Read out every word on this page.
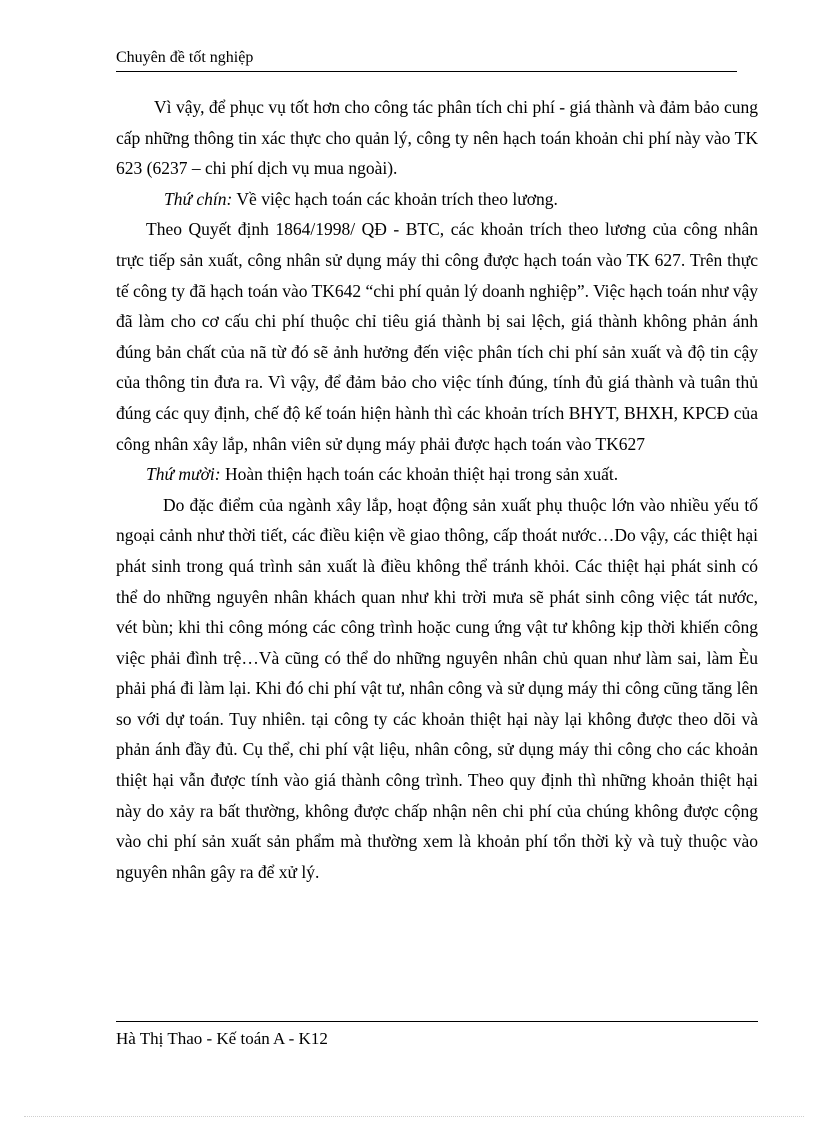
Chuyên đề tốt nghiệp

Vì vậy, để phục vụ tốt hơn cho công tác phân tích chi phí - giá thành và đảm bảo cung cấp những thông tin xác thực cho quản lý, công ty nên hạch toán khoản chi phí này vào TK 623 (6237 – chi phí dịch vụ mua ngoài).

Thứ chín: Về việc hạch toán các khoản trích theo lương.

Theo Quyết định 1864/1998/ QĐ - BTC, các khoản trích theo lương của công nhân trực tiếp sản xuất, công nhân sử dụng máy thi công được hạch toán vào TK 627. Trên thực tế công ty đã hạch toán vào TK642 “chi phí quản lý doanh nghiệp”. Việc hạch toán như vậy đã làm cho cơ cấu chi phí thuộc chỉ tiêu giá thành bị sai lệch, giá thành không phản ánh đúng bản chất của nã từ đó sẽ ảnh hưởng đến việc phân tích chi phí sản xuất và độ tin cậy của thông tin đưa ra. Vì vậy, để đảm bảo cho việc tính đúng, tính đủ giá thành và tuân thủ đúng các quy định, chế độ kế toán hiện hành thì các khoản trích BHYT, BHXH, KPCĐ của công nhân xây lắp, nhân viên sử dụng máy phải được hạch toán vào TK627

Thứ mười: Hoàn thiện hạch toán các khoản thiệt hại trong sản xuất.

Do đặc điểm của ngành xây lắp, hoạt động sản xuất phụ thuộc lớn vào nhiều yếu tố ngoại cảnh như thời tiết, các điều kiện về giao thông, cấp thoát nước…Do vậy, các thiệt hại phát sinh trong quá trình sản xuất là điều không thể tránh khỏi. Các thiệt hại phát sinh có thể do những nguyên nhân khách quan như khi trời mưa sẽ phát sinh công việc tát nước, vét bùn; khi thi công móng các công trình hoặc cung ứng vật tư không kịp thời khiến công việc phải đình trệ…Và cũng có thể do những nguyên nhân chủ quan như làm sai, làm Èu phải phá đi làm lại. Khi đó chi phí vật tư, nhân công và sử dụng máy thi công cũng tăng lên so với dự toán. Tuy nhiên. tại công ty các khoản thiệt hại này lại không được theo dõi và phản ánh đầy đủ. Cụ thể, chi phí vật liệu, nhân công, sử dụng máy thi công cho các khoản thiệt hại vẫn được tính vào giá thành công trình. Theo quy định thì những khoản thiệt hại này do xảy ra bất thường, không được chấp nhận nên chi phí của chúng không được cộng vào chi phí sản xuất sản phẩm mà thường xem là khoản phí tổn thời kỳ và tuỳ thuộc vào nguyên nhân gây ra để xử lý.

Hà Thị Thao - Kế toán A - K12
